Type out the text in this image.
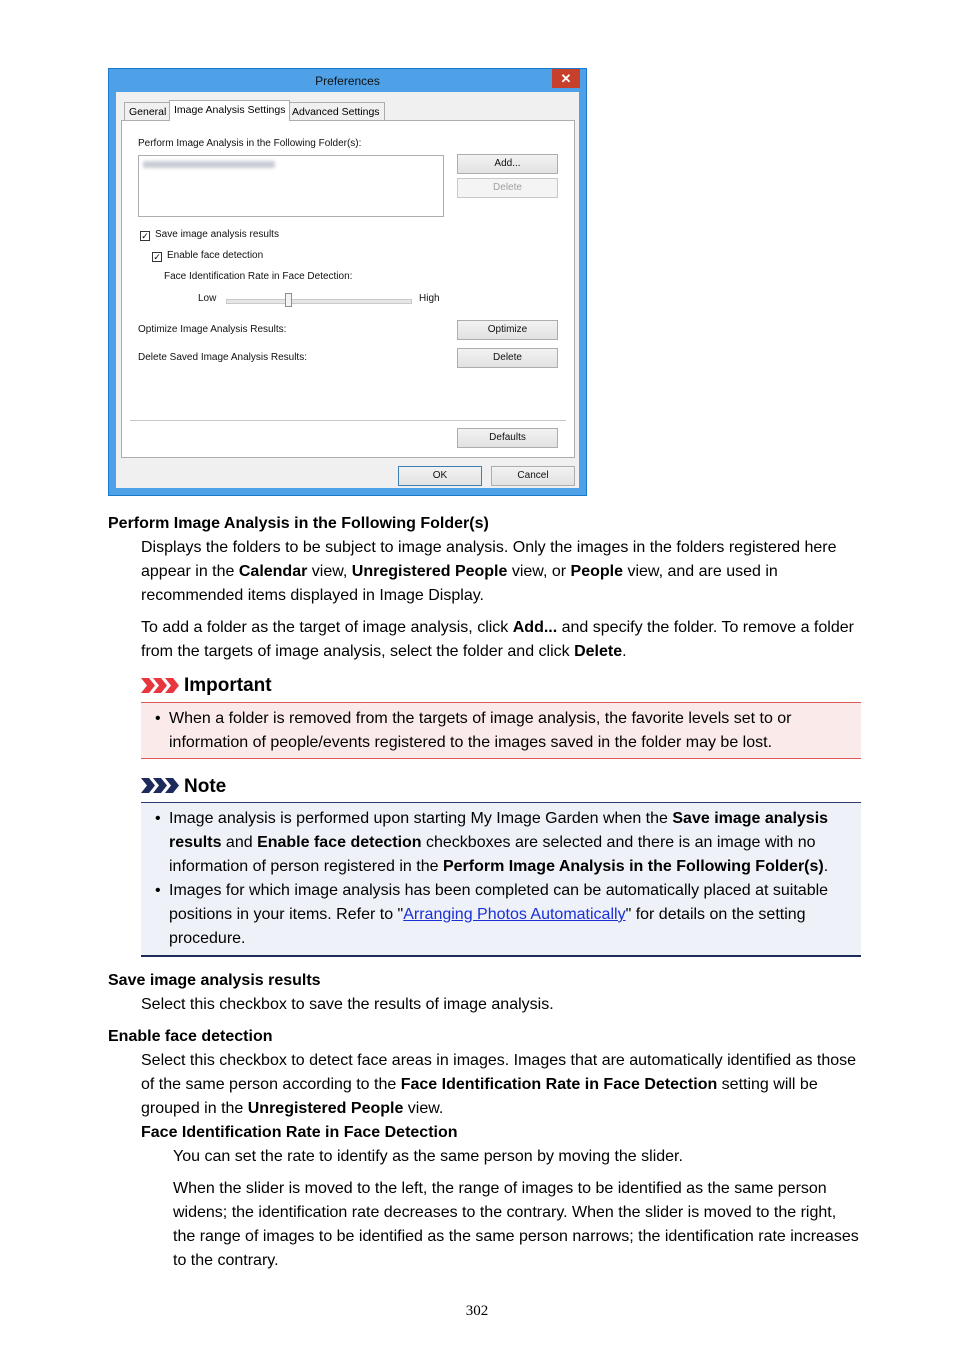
Preferences	✕
General Image Analysis Settings Advanced Settings
Perform Image Analysis in the Following Folder(s):
Add...
Delete
✓ Save image analysis results
✓ Enable face detection
Face Identification Rate in Face Detection:
Low	High
Optimize Image Analysis Results:	Optimize
Delete Saved Image Analysis Results:	Delete
Defaults
OK	Cancel
Perform Image Analysis in the Following Folder(s)
Displays the folders to be subject to image analysis. Only the images in the folders registered here
appear in the Calendar view, Unregistered People view, or People view, and are used in
recommended items displayed in Image Display.
To add a folder as the target of image analysis, click Add... and specify the folder. To remove a folder
from the targets of image analysis, select the folder and click Delete.
Important
• When a folder is removed from the targets of image analysis, the favorite levels set to or
information of people/events registered to the images saved in the folder may be lost.
Note
• Image analysis is performed upon starting My Image Garden when the Save image analysis
results and Enable face detection checkboxes are selected and there is an image with no
information of person registered in the Perform Image Analysis in the Following Folder(s).
• Images for which image analysis has been completed can be automatically placed at suitable
positions in your items. Refer to "Arranging Photos Automatically" for details on the setting
procedure.
Save image analysis results
Select this checkbox to save the results of image analysis.
Enable face detection
Select this checkbox to detect face areas in images. Images that are automatically identified as those
of the same person according to the Face Identification Rate in Face Detection setting will be
grouped in the Unregistered People view.
Face Identification Rate in Face Detection
You can set the rate to identify as the same person by moving the slider.
When the slider is moved to the left, the range of images to be identified as the same person
widens; the identification rate decreases to the contrary. When the slider is moved to the right,
the range of images to be identified as the same person narrows; the identification rate increases
to the contrary.
302
